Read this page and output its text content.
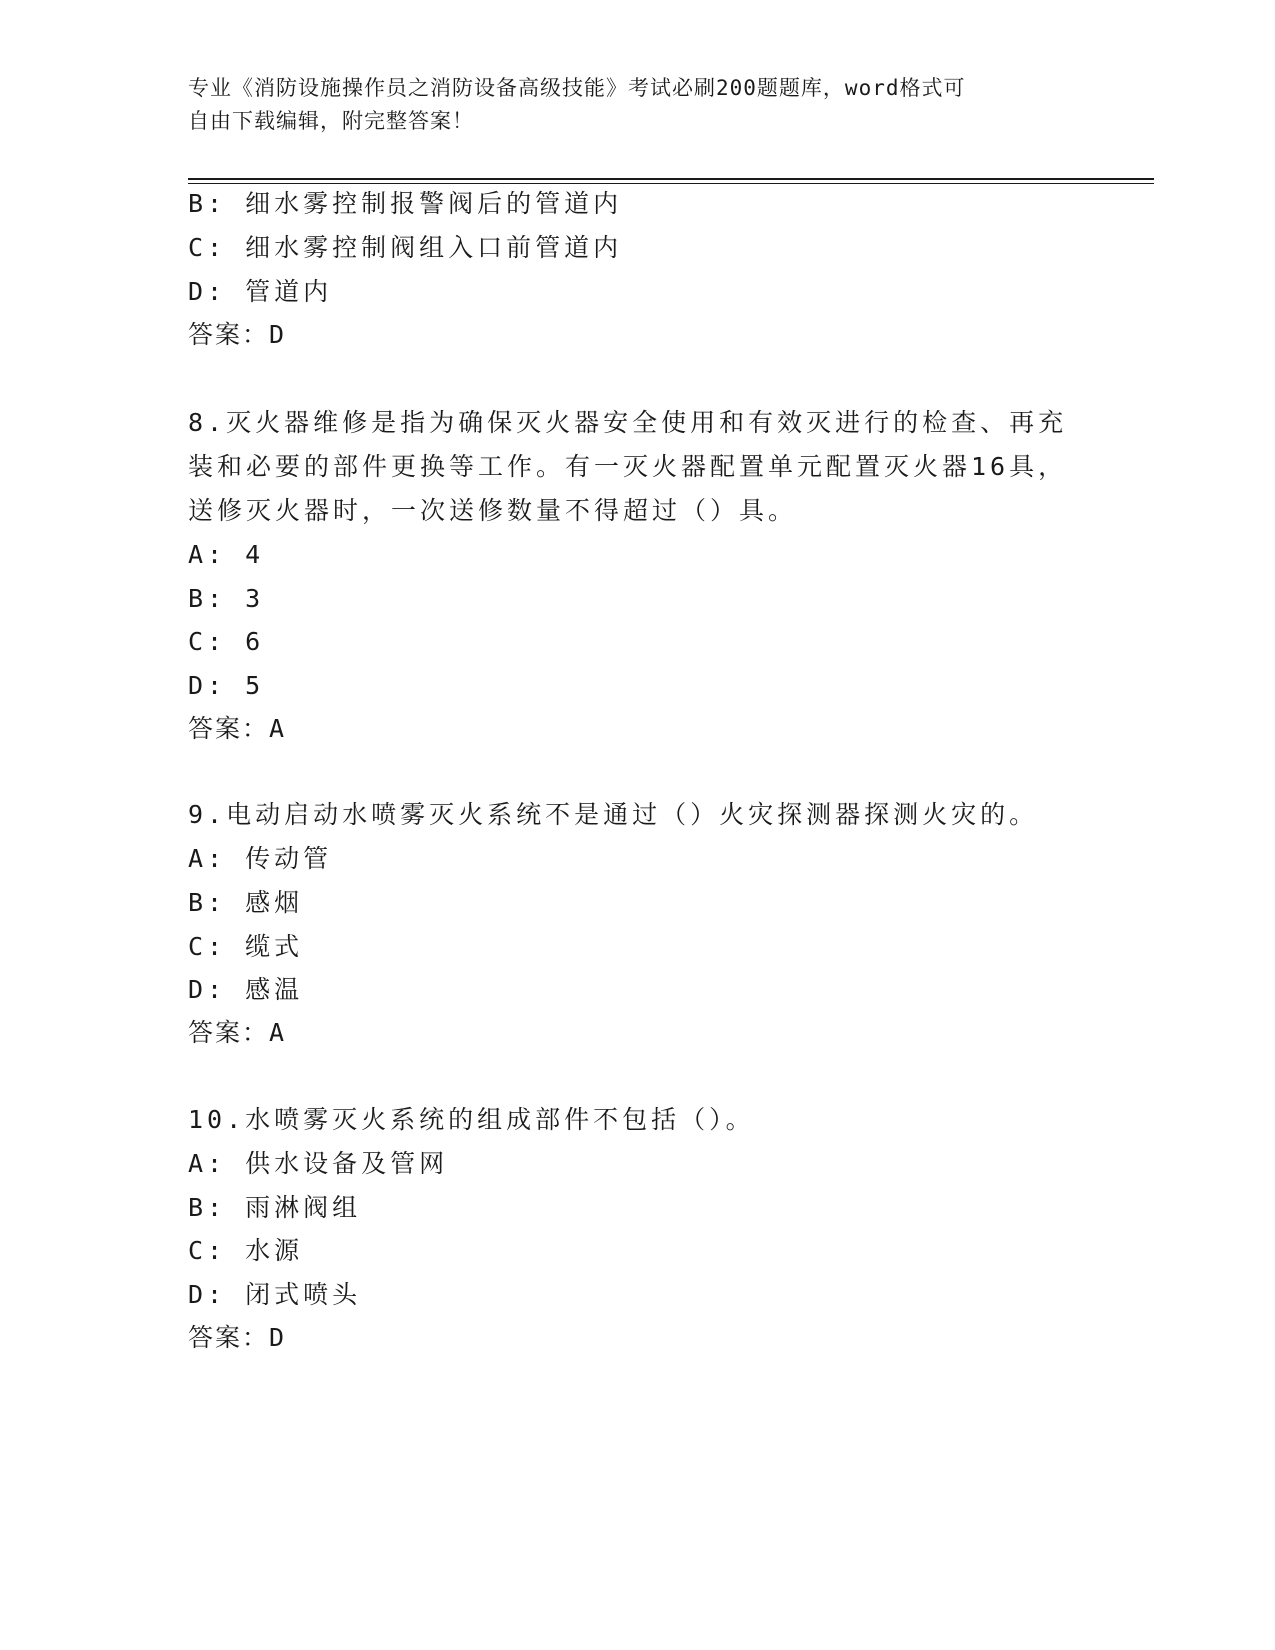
专业《消防设施操作员之消防设备高级技能》考试必刷200题题库，word格式可
自由下载编辑，附完整答案！
B: 细水雾控制报警阀后的管道内
C: 细水雾控制阀组入口前管道内
D: 管道内
答案：D
8.灭火器维修是指为确保灭火器安全使用和有效灭进行的检查、再充
装和必要的部件更换等工作。有一灭火器配置单元配置灭火器16具，
送修灭火器时，一次送修数量不得超过（）具。
A: 4
B: 3
C: 6
D: 5
答案：A
9.电动启动水喷雾灭火系统不是通过（）火灾探测器探测火灾的。
A: 传动管
B: 感烟
C: 缆式
D: 感温
答案：A
10.水喷雾灭火系统的组成部件不包括（）。
A: 供水设备及管网
B: 雨淋阀组
C: 水源
D: 闭式喷头
答案：D
